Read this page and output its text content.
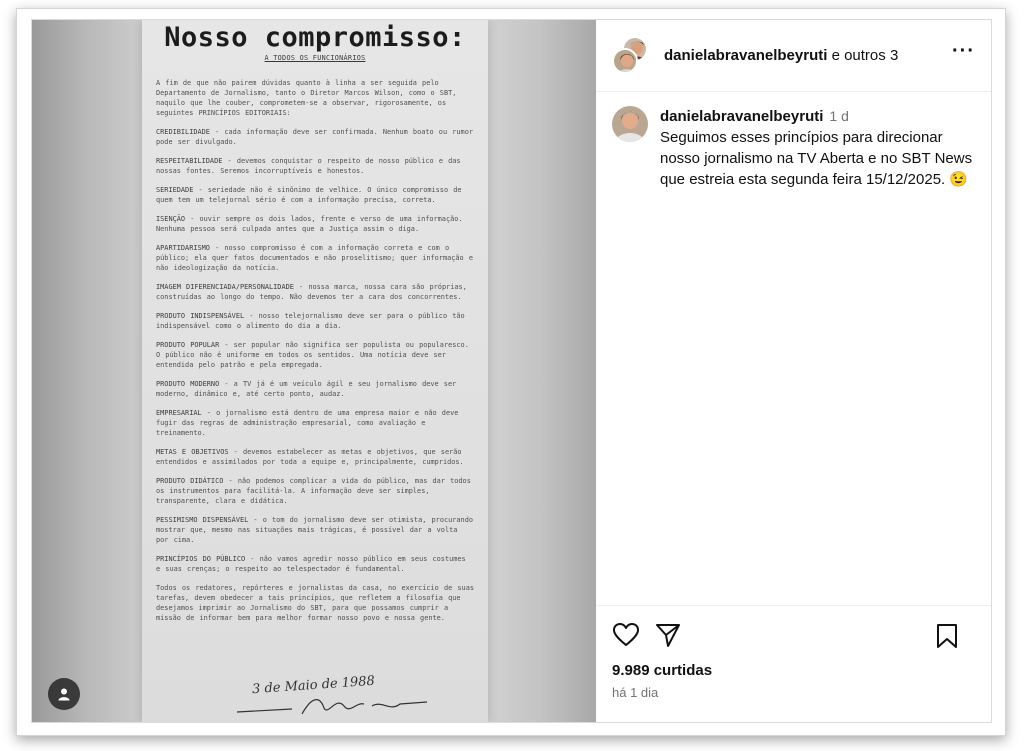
Nosso compromisso:
A TODOS OS FUNCIONÁRIOS
A fim de que não pairem dúvidas quanto à linha a ser seguida pelo Departamento de Jornalismo, tanto o Diretor Marcos Wilson, como o SBT, naquilo que lhe couber, comprometem-se a observar, rigorosamente, os seguintes PRINCÍPIOS EDITORIAIS:
CREDIBILIDADE - cada informação deve ser confirmada. Nenhum boato ou rumor pode ser divulgado.
RESPEITABILIDADE - devemos conquistar o respeito de nosso público e das nossas fontes. Seremos incorruptíveis e honestos.
SERIEDADE - seriedade não é sinônimo de velhice. O único compromisso de quem tem um telejornal sério é com a informação precisa, correta.
ISENÇÃO - ouvir sempre os dois lados, frente e verso de uma informação. Nenhuma pessoa será culpada antes que a Justiça assim o diga.
APARTIDARISMO - nosso compromisso é com a informação correta e com o público; ela quer fatos documentados e não proselitismo; quer informação e não ideologização da notícia.
IMAGEM DIFERENCIADA/PERSONALIDADE - nossa marca, nossa cara são próprias, construídas ao longo do tempo. Não devemos ter a cara dos concorrentes.
PRODUTO INDISPENSÁVEL - nosso telejornalismo deve ser para o público tão indispensável como o alimento do dia a dia.
PRODUTO POPULAR - ser popular não significa ser populista ou popularesco. O público não é uniforme em todos os sentidos. Uma notícia deve ser entendida pelo patrão e pela empregada.
PRODUTO MODERNO - a TV já é um veículo ágil e seu jornalismo deve ser moderno, dinâmico e, até certo ponto, audaz.
EMPRESARIAL - o jornalismo está dentro de uma empresa maior e não deve fugir das regras de administração empresarial, como avaliação e treinamento.
METAS E OBJETIVOS - devemos estabelecer as metas e objetivos, que serão entendidos e assimilados por toda a equipe e, principalmente, cumpridos.
PRODUTO DIDÁTICO - não podemos complicar a vida do público, mas dar todos os instrumentos para facilitá-la. A informação deve ser simples, transparente, clara e didática.
PESSIMISMO DISPENSÁVEL - o tom do jornalismo deve ser otimista, procurando mostrar que, mesmo nas situações mais trágicas, é possível dar a volta por cima.
PRINCÍPIOS DO PÚBLICO - não vamos agredir nosso público em seus costumes e suas crenças; o respeito ao telespectador é fundamental.
Todos os redatores, repórteres e jornalistas da casa, no exercício de suas tarefas, devem obedecer a tais princípios, que refletem a filosofia que desejamos imprimir ao Jornalismo do SBT, para que possamos cumprir a missão de informar bem para melhor formar nosso povo e nossa gente.
3 de Maio de 1988
danielabravanelbeyruti e outros 3	···
danielabravanelbeyruti 1 d
Seguimos esses princípios para direcionar nosso jornalismo na TV Aberta e no SBT News que estreia esta segunda feira 15/12/2025. 😉
9.989 curtidas
há 1 dia
